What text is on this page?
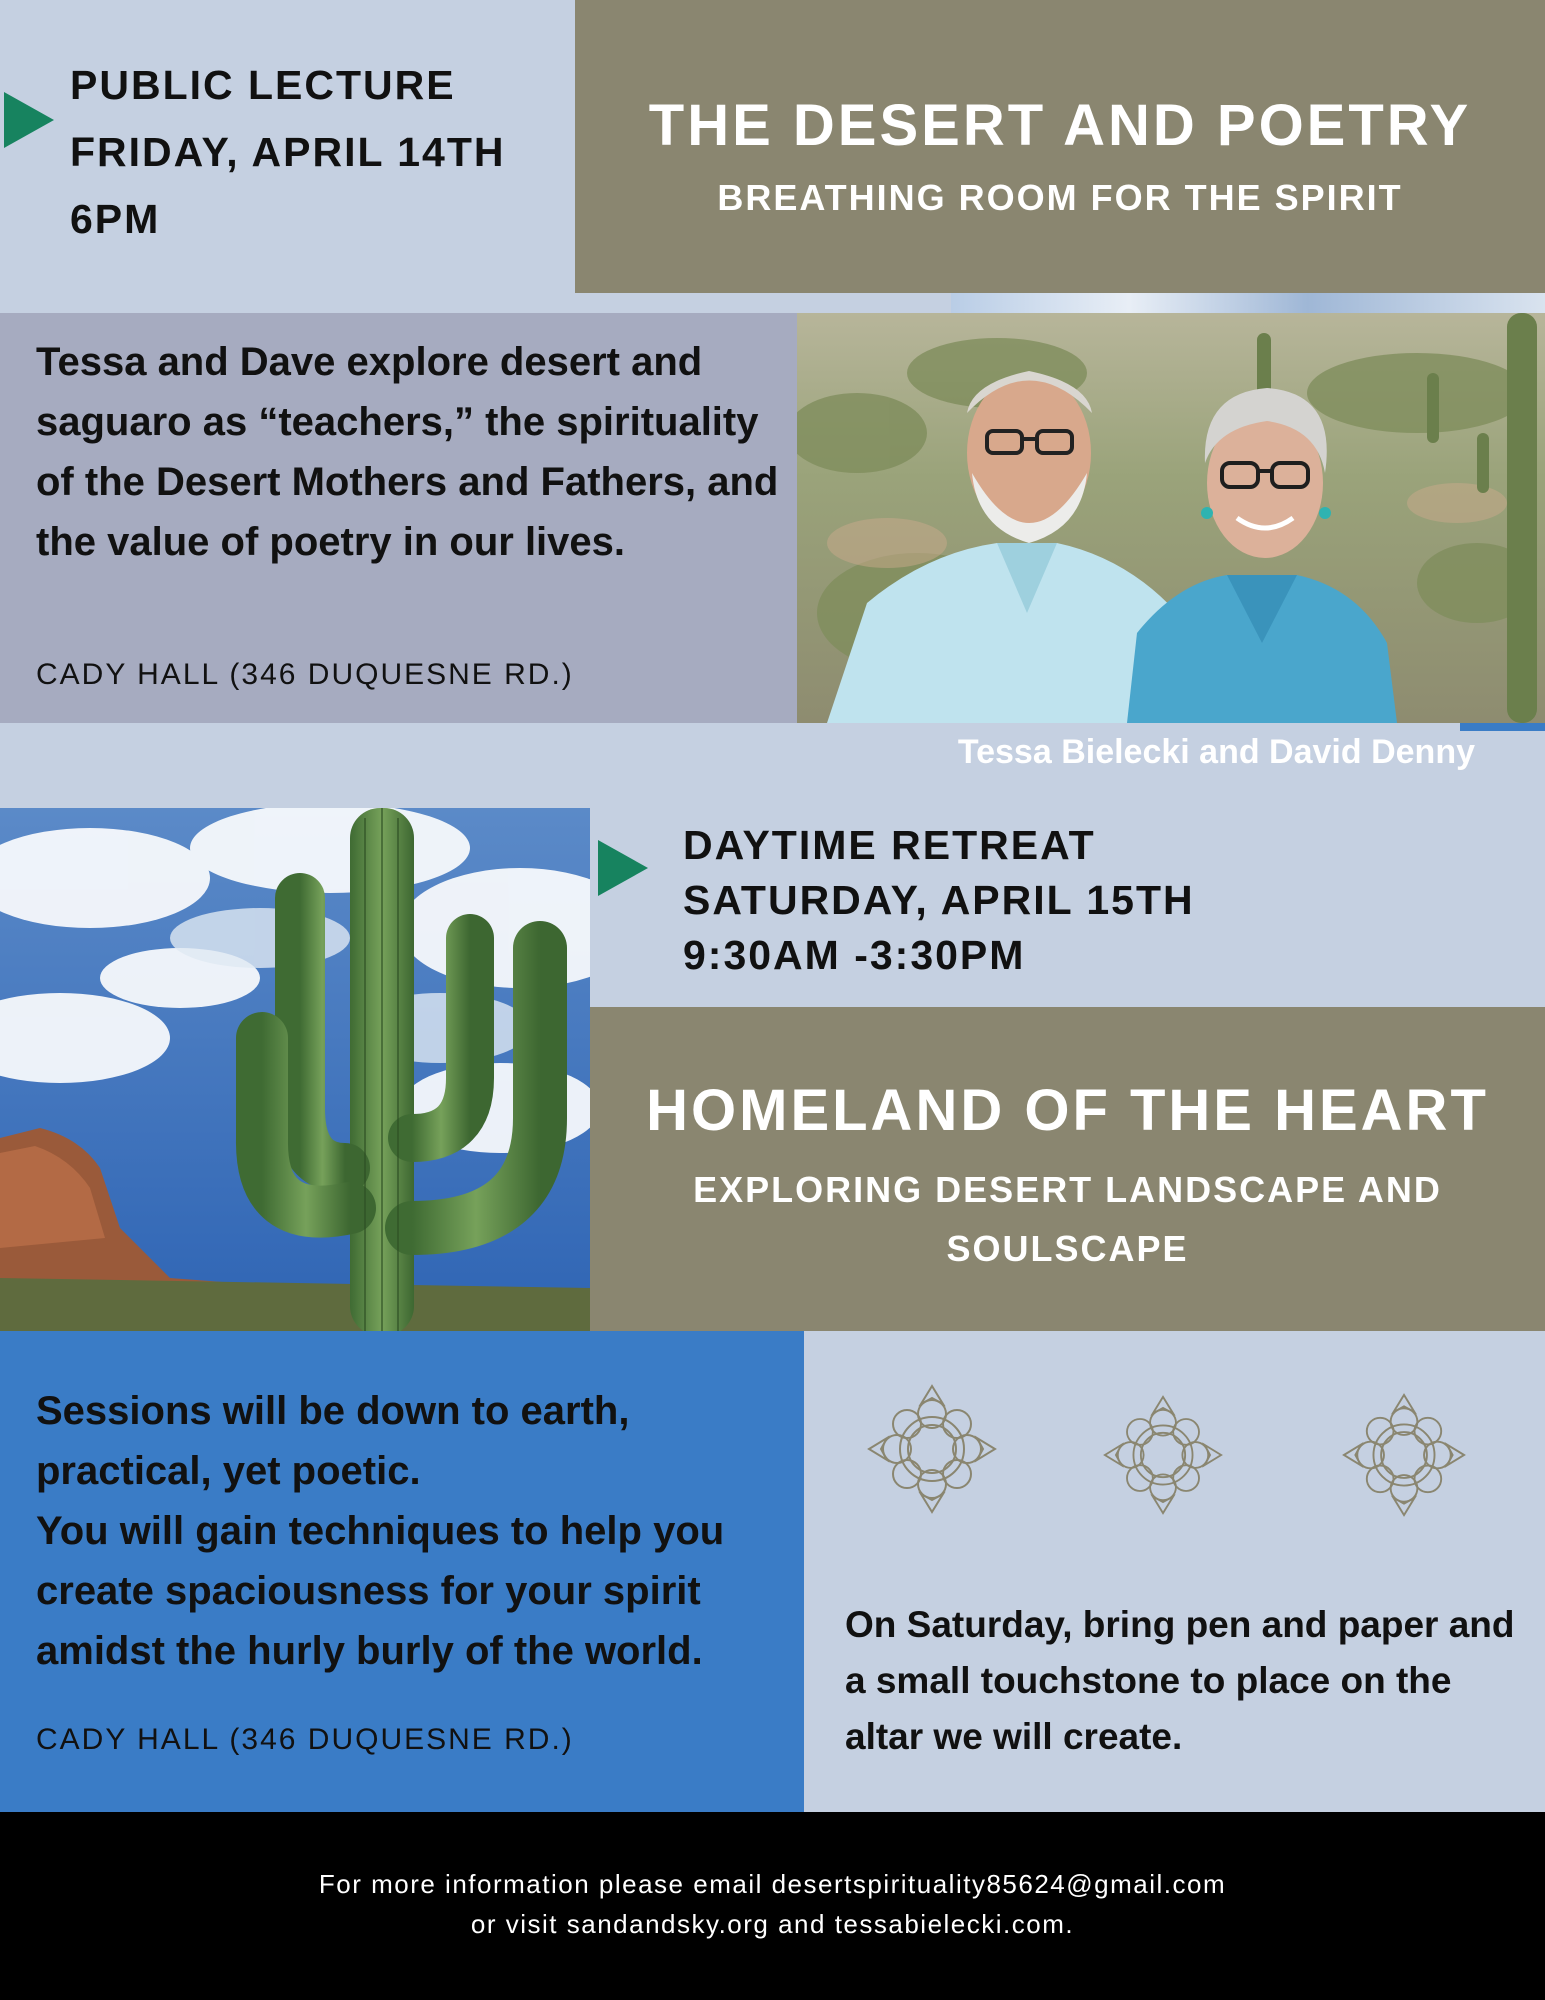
PUBLIC LECTURE
FRIDAY, APRIL 14TH
6PM
THE DESERT AND POETRY
BREATHING ROOM FOR THE SPIRIT
Tessa and Dave explore desert and saguaro as “teachers,” the spirituality of the Desert Mothers and Fathers, and the value of poetry in our lives.
CADY HALL (346 DUQUESNE RD.)
Tessa Bielecki and David Denny
DAYTIME RETREAT
SATURDAY, APRIL 15TH
9:30AM -3:30PM
HOMELAND OF THE HEART
EXPLORING DESERT LANDSCAPE AND SOULSCAPE
Sessions will be down to earth, practical, yet poetic.
You will gain techniques to help you create spaciousness for your spirit amidst the hurly burly of the world.
CADY HALL (346 DUQUESNE RD.)
On Saturday, bring pen and paper and a small touchstone to place on the altar we will create.
For more information please email desertspirituality85624@gmail.com
or visit sandandsky.org and tessabielecki.com.
